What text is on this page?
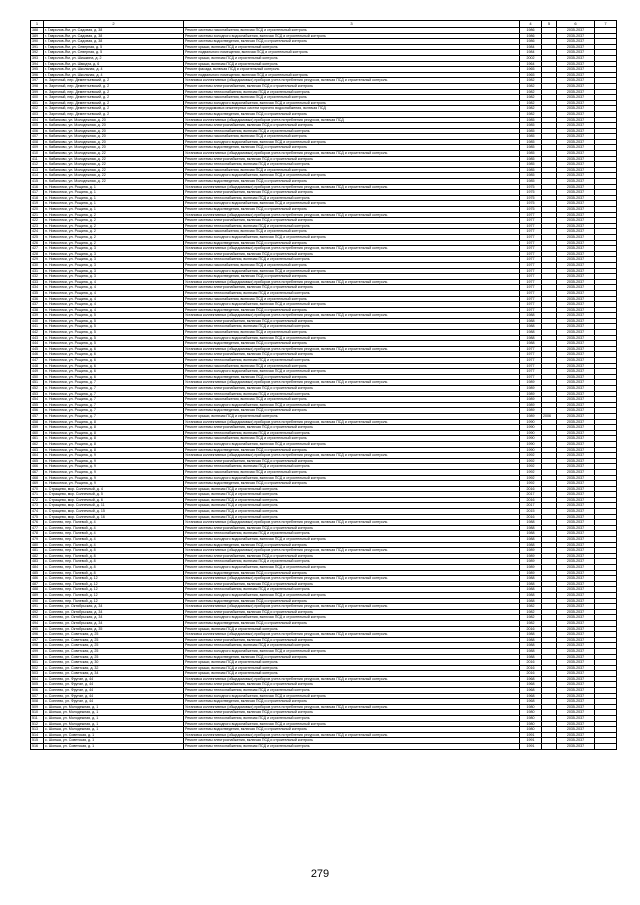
1	2	3	4	5	6	7
388	г. Гаврилов-Ям, ул. Садовая, д. 38	Ремонт системы газоснабжения, включая ПСД и строительный контроль	1986		2035-2037	
389	г. Гаврилов-Ям, ул. Садовая, д. 38	Ремонт системы холодного водоснабжения, включая ПСД и строительный контроль	1986		2035-2037	
390	г. Гаврилов-Ям, ул. Садовая, д. 38	Ремонт системы водоотведения, включая ПСД и строительный контроль	1986		2035-2037	
391	г. Гаврилов-Ям, ул. Северная, д. 5	Ремонт крыши, включая ПСД и строительный контроль	1984		2035-2037	
392	г. Гаврилов-Ям, ул. Северная, д. 5	Ремонт подвального помещения, включая ПСД и строительный контроль	1984		2035-2037	
393	г. Гаврилов-Ям, ул. Шишкина, д. 2	Ремонт крыши, включая ПСД и строительный контроль	2002		2035-2037	
394	г. Гаврилов-Ям, ул. Шмидта, д. 6	Ремонт крыши, включая ПСД и строительный контроль	1964		2035-2037	
395	г. Гаврилов-Ям, ул. Школьная, д. 4	Ремонт фасада, включая ПСД и строительный контроль	1965		2035-2037	
396	г. Гаврилов-Ям, ул. Школьная, д. 4	Ремонт подвального помещения, включая ПСД и строительный контроль	1965		2035-2037	
397	п. Заречный, пер. Дементьевский, д. 2	Установка коллективных (общедомовых) приборов учета потребления ресурсов, включая ПСД и строительный контроль	1982		2035-2037	
398	п. Заречный, пер. Дементьевский, д. 2	Ремонт системы электроснабжения, включая ПСД и строительный контроль	1982		2035-2037	
399	п. Заречный, пер. Дементьевский, д. 2	Ремонт системы теплоснабжения, включая ПСД и строительный контроль	1982		2035-2037	
400	п. Заречный, пер. Дементьевский, д. 2	Ремонт системы газоснабжения, включая ПСД и строительный контроль	1982		2035-2037	
401	п. Заречный, пер. Дементьевский, д. 2	Ремонт системы холодного водоснабжения, включая ПСД и строительный контроль	1982		2035-2037	
402	п. Заречный, пер. Дементьевский, д. 2	Ремонт внутридомовых инженерных систем горячего водоснабжения, включая ПСД	1982		2035-2037	
403	п. Заречный, пер. Дементьевский, д. 2	Ремонт системы водоотведения, включая ПСД и строительный контроль	1982		2035-2037	
404	п. Кабанково, ул. Молодежная, д. 20	Установка коллективных (общедомовых) приборов учета потребления ресурсов, включая ПСД	1985		2035-2037	
405	п. Кабанково, ул. Молодежная, д. 20	Ремонт системы электроснабжения, включая ПСД и строительный контроль	1985		2035-2037	
406	п. Кабанково, ул. Молодежная, д. 20	Ремонт системы теплоснабжения, включая ПСД и строительный контроль	1985		2035-2037	
407	п. Кабанково, ул. Молодежная, д. 20	Ремонт системы газоснабжения, включая ПСД и строительный контроль	1985		2035-2037	
408	п. Кабанково, ул. Молодежная, д. 20	Ремонт системы холодного водоснабжения, включая ПСД и строительный контроль	1985		2035-2037	
409	п. Кабанково, ул. Молодежная, д. 20	Ремонт системы водоотведения, включая ПСД и строительный контроль	1985		2035-2037	
410	п. Кабанково, ул. Молодежная, д. 22	Установка коллективных (общедомовых) приборов учета потребления ресурсов, включая ПСД и строительный контроль	1985		2035-2037	
411	п. Кабанково, ул. Молодежная, д. 22	Ремонт системы электроснабжения, включая ПСД и строительный контроль	1985		2035-2037	
412	п. Кабанково, ул. Молодежная, д. 22	Ремонт системы теплоснабжения, включая ПСД и строительный контроль	1985		2035-2037	
413	п. Кабанково, ул. Молодежная, д. 22	Ремонт системы газоснабжения, включая ПСД и строительный контроль	1985		2035-2037	
414	п. Кабанково, ул. Молодежная, д. 22	Ремонт системы холодного водоснабжения, включая ПСД и строительный контроль	1985		2035-2037	
415	п. Кабанково, ул. Молодежная, д. 22	Ремонт системы водоотведения, включая ПСД и строительный контроль	1985		2035-2037	
416	п. Новоселки, ул. Рощина, д. 1	Установка коллективных (общедомовых) приборов учета потребления ресурсов, включая ПСД и строительный контроль	1975		2035-2037	
417	п. Новоселки, ул. Рощина, д. 1	Ремонт системы электроснабжения, включая ПСД и строительный контроль	1975		2035-2037	
418	п. Новоселки, ул. Рощина, д. 1	Ремонт системы теплоснабжения, включая ПСД и строительный контроль	1975		2035-2037	
419	п. Новоселки, ул. Рощина, д. 1	Ремонт системы холодного водоснабжения, включая ПСД и строительный контроль	1975		2035-2037	
420	п. Новоселки, ул. Рощина, д. 1	Ремонт системы водоотведения, включая ПСД и строительный контроль	1975		2035-2037	
421	п. Новоселки, ул. Рощина, д. 2	Установка коллективных (общедомовых) приборов учета потребления ресурсов, включая ПСД и строительный контроль	1977		2035-2037	
422	п. Новоселки, ул. Рощина, д. 2	Ремонт системы электроснабжения, включая ПСД и строительный контроль	1977		2035-2037	
423	п. Новоселки, ул. Рощина, д. 2	Ремонт системы теплоснабжения, включая ПСД и строительный контроль	1977		2035-2037	
424	п. Новоселки, ул. Рощина, д. 2	Ремонт системы газоснабжения, включая ПСД и строительный контроль	1977		2035-2037	
425	п. Новоселки, ул. Рощина, д. 2	Ремонт системы холодного водоснабжения, включая ПСД и строительный контроль	1977		2035-2037	
426	п. Новоселки, ул. Рощина, д. 2	Ремонт системы водоотведения, включая ПСД и строительный контроль	1977		2035-2037	
427	п. Новоселки, ул. Рощина, д. 3	Установка коллективных (общедомовых) приборов учета потребления ресурсов, включая ПСД и строительный контроль	1977		2035-2037	
428	п. Новоселки, ул. Рощина, д. 3	Ремонт системы электроснабжения, включая ПСД и строительный контроль	1977		2035-2037	
429	п. Новоселки, ул. Рощина, д. 3	Ремонт системы теплоснабжения, включая ПСД и строительный контроль	1977		2035-2037	
430	п. Новоселки, ул. Рощина, д. 3	Ремонт системы газоснабжения, включая ПСД и строительный контроль	1977		2035-2037	
431	п. Новоселки, ул. Рощина, д. 3	Ремонт системы холодного водоснабжения, включая ПСД и строительный контроль	1977		2035-2037	
432	п. Новоселки, ул. Рощина, д. 3	Ремонт системы водоотведения, включая ПСД и строительный контроль	1977		2035-2037	
433	п. Новоселки, ул. Рощина, д. 4	Установка коллективных (общедомовых) приборов учета потребления ресурсов, включая ПСД и строительный контроль	1977		2035-2037	
434	п. Новоселки, ул. Рощина, д. 4	Ремонт системы электроснабжения, включая ПСД и строительный контроль	1977		2035-2037	
435	п. Новоселки, ул. Рощина, д. 4	Ремонт системы теплоснабжения, включая ПСД и строительный контроль	1977		2035-2037	
436	п. Новоселки, ул. Рощина, д. 4	Ремонт системы газоснабжения, включая ПСД и строительный контроль	1977		2035-2037	
437	п. Новоселки, ул. Рощина, д. 4	Ремонт системы холодного водоснабжения, включая ПСД и строительный контроль	1977		2035-2037	
438	п. Новоселки, ул. Рощина, д. 4	Ремонт системы водоотведения, включая ПСД и строительный контроль	1977		2035-2037	
439	п. Новоселки, ул. Рощина, д. 5	Установка коллективных (общедомовых) приборов учета потребления ресурсов, включая ПСД и строительный контроль	1988		2035-2037	
440	п. Новоселки, ул. Рощина, д. 5	Ремонт системы электроснабжения, включая ПСД и строительный контроль	1988		2035-2037	
441	п. Новоселки, ул. Рощина, д. 5	Ремонт системы теплоснабжения, включая ПСД и строительный контроль	1988		2035-2037	
442	п. Новоселки, ул. Рощина, д. 5	Ремонт системы газоснабжения, включая ПСД и строительный контроль	1988		2035-2037	
443	п. Новоселки, ул. Рощина, д. 5	Ремонт системы холодного водоснабжения, включая ПСД и строительный контроль	1988		2035-2037	
444	п. Новоселки, ул. Рощина, д. 5	Ремонт системы водоотведения, включая ПСД и строительный контроль	1988		2035-2037	
445	п. Новоселки, ул. Рощина, д. 6	Установка коллективных (общедомовых) приборов учета потребления ресурсов, включая ПСД и строительный контроль	1977		2035-2037	
446	п. Новоселки, ул. Рощина, д. 6	Ремонт системы электроснабжения, включая ПСД и строительный контроль	1977		2035-2037	
447	п. Новоселки, ул. Рощина, д. 6	Ремонт системы теплоснабжения, включая ПСД и строительный контроль	1977		2035-2037	
448	п. Новоселки, ул. Рощина, д. 6	Ремонт системы газоснабжения, включая ПСД и строительный контроль	1977		2035-2037	
449	п. Новоселки, ул. Рощина, д. 6	Ремонт системы холодного водоснабжения, включая ПСД и строительный контроль	1977		2035-2037	
450	п. Новоселки, ул. Рощина, д. 6	Ремонт системы водоотведения, включая ПСД и строительный контроль	1977		2035-2037	
451	п. Новоселки, ул. Рощина, д. 7	Установка коллективных (общедомовых) приборов учета потребления ресурсов, включая ПСД и строительный контроль	1989		2035-2037	
452	п. Новоселки, ул. Рощина, д. 7	Ремонт системы электроснабжения, включая ПСД и строительный контроль	1989		2035-2037	
453	п. Новоселки, ул. Рощина, д. 7	Ремонт системы теплоснабжения, включая ПСД и строительный контроль	1989		2035-2037	
454	п. Новоселки, ул. Рощина, д. 7	Ремонт системы газоснабжения, включая ПСД и строительный контроль	1989		2035-2037	
455	п. Новоселки, ул. Рощина, д. 7	Ремонт системы холодного водоснабжения, включая ПСД и строительный контроль	1989		2035-2037	
456	п. Новоселки, ул. Рощина, д. 7	Ремонт системы водоотведения, включая ПСД и строительный контроль	1989		2035-2037	
457	п. Новоселки, ул. Рощина, д. 7	Ремонт крыши, включая ПСД и строительный контроль	1989	2006	2035-2037	
458	п. Новоселки, ул. Рощина, д. 8	Установка коллективных (общедомовых) приборов учета потребления ресурсов, включая ПСД и строительный контроль	1990		2035-2037	
459	п. Новоселки, ул. Рощина, д. 8	Ремонт системы электроснабжения, включая ПСД и строительный контроль	1990		2035-2037	
460	п. Новоселки, ул. Рощина, д. 8	Ремонт системы теплоснабжения, включая ПСД и строительный контроль	1990		2035-2037	
461	п. Новоселки, ул. Рощина, д. 8	Ремонт системы газоснабжения, включая ПСД и строительный контроль	1990		2035-2037	
462	п. Новоселки, ул. Рощина, д. 8	Ремонт системы холодного водоснабжения, включая ПСД и строительный контроль	1990		2035-2037	
463	п. Новоселки, ул. Рощина, д. 8	Ремонт системы водоотведения, включая ПСД и строительный контроль	1990		2035-2037	
464	п. Новоселки, ул. Рощина, д. 9	Установка коллективных (общедомовых) приборов учета потребления ресурсов, включая ПСД и строительный контроль	1992		2035-2037	
465	п. Новоселки, ул. Рощина, д. 9	Ремонт системы электроснабжения, включая ПСД и строительный контроль	1992		2035-2037	
466	п. Новоселки, ул. Рощина, д. 9	Ремонт системы теплоснабжения, включая ПСД и строительный контроль	1992		2035-2037	
467	п. Новоселки, ул. Рощина, д. 9	Ремонт системы газоснабжения, включая ПСД и строительный контроль	1992		2035-2037	
468	п. Новоселки, ул. Рощина, д. 9	Ремонт системы холодного водоснабжения, включая ПСД и строительный контроль	1992		2035-2037	
469	п. Новоселки, ул. Рощина, д. 9	Ремонт системы водоотведения, включая ПСД и строительный контроль	1992		2035-2037	
470	с. Стращево, мкр. Солнечный, д. 4	Ремонт крыши, включая ПСД и строительный контроль	2016		2035-2037	
471	с. Стращево, мкр. Солнечный, д. 5	Ремонт крыши, включая ПСД и строительный контроль	2017		2035-2037	
472	с. Стращево, мкр. Солнечный, д. 6	Ремонт крыши, включая ПСД и строительный контроль	2016		2035-2037	
473	с. Стращево, мкр. Солнечный, д. 11	Ремонт крыши, включая ПСД и строительный контроль	2017		2035-2037	
474	с. Стращево, мкр. Солнечный, д. 15	Ремонт крыши, включая ПСД и строительный контроль	2015		2035-2037	
475	с. Стращево, мкр. Солнечный, д. 16	Ремонт крыши, включая ПСД и строительный контроль	2016		2035-2037	
476	с. Сопнево, пер. Полевой, д. 4	Установка коллективных (общедомовых) приборов учета потребления ресурсов, включая ПСД и строительный контроль	1988		2035-2037	
477	с. Сопнево, пер. Полевой, д. 4	Ремонт системы электроснабжения, включая ПСД и строительный контроль	1988		2035-2037	
478	с. Сопнево, пер. Полевой, д. 4	Ремонт системы теплоснабжения, включая ПСД и строительный контроль	1988		2035-2037	
479	с. Сопнево, пер. Полевой, д. 4	Ремонт системы холодного водоснабжения, включая ПСД и строительный контроль	1988		2035-2037	
480	с. Сопнево, пер. Полевой, д. 4	Ремонт системы водоотведения, включая ПСД и строительный контроль	1988		2035-2037	
481	с. Сопнево, пер. Полевой, д. 8	Установка коллективных (общедомовых) приборов учета потребления ресурсов, включая ПСД и строительный контроль	1989		2035-2037	
482	с. Сопнево, пер. Полевой, д. 8	Ремонт системы электроснабжения, включая ПСД и строительный контроль	1989		2035-2037	
483	с. Сопнево, пер. Полевой, д. 8	Ремонт системы теплоснабжения, включая ПСД и строительный контроль	1989		2035-2037	
484	с. Сопнево, пер. Полевой, д. 8	Ремонт системы холодного водоснабжения, включая ПСД и строительный контроль	1989		2035-2037	
485	с. Сопнево, пер. Полевой, д. 8	Ремонт системы водоотведения, включая ПСД и строительный контроль	1989		2035-2037	
486	с. Сопнево, пер. Полевой, д. 12	Установка коллективных (общедомовых) приборов учета потребления ресурсов, включая ПСД и строительный контроль	1988		2035-2037	
487	с. Сопнево, пер. Полевой, д. 12	Ремонт системы электроснабжения, включая ПСД и строительный контроль	1988		2035-2037	
488	с. Сопнево, пер. Полевой, д. 12	Ремонт системы теплоснабжения, включая ПСД и строительный контроль	1988		2035-2037	
489	с. Сопнево, пер. Полевой, д. 12	Ремонт системы холодного водоснабжения, включая ПСД и строительный контроль	1988		2035-2037	
490	с. Сопнево, пер. Полевой, д. 12	Ремонт системы водоотведения, включая ПСД и строительный контроль	1988		2035-2037	
491	с. Сопнево, ул. Октябрьская, д. 34	Установка коллективных (общедомовых) приборов учета потребления ресурсов, включая ПСД и строительный контроль	1982		2035-2037	
492	с. Сопнево, ул. Октябрьская, д. 34	Ремонт системы электроснабжения, включая ПСД и строительный контроль	1982		2035-2037	
493	с. Сопнево, ул. Октябрьская, д. 34	Ремонт системы холодного водоснабжения, включая ПСД и строительный контроль	1982		2035-2037	
494	с. Сопнево, ул. Октябрьская, д. 34	Ремонт системы водоотведения, включая ПСД и строительный контроль	1982		2035-2037	
495	с. Сопнево, ул. Октябрьская, д. 35	Ремонт крыши, включая ПСД и строительный контроль	2016		2035-2037	
496	с. Сопнево, ул. Советская, д. 25	Установка коллективных (общедомовых) приборов учета потребления ресурсов, включая ПСД и строительный контроль	1988		2035-2037	
497	с. Сопнево, ул. Советская, д. 25	Ремонт системы электроснабжения, включая ПСД и строительный контроль	1988		2035-2037	
498	с. Сопнево, ул. Советская, д. 25	Ремонт системы теплоснабжения, включая ПСД и строительный контроль	1988		2035-2037	
499	с. Сопнево, ул. Советская, д. 25	Ремонт системы холодного водоснабжения, включая ПСД и строительный контроль	1988		2035-2037	
500	с. Сопнево, ул. Советская, д. 25	Ремонт системы водоотведения, включая ПСД и строительный контроль	1988		2035-2037	
501	с. Сопнево, ул. Советская, д. 30	Ремонт крыши, включая ПСД и строительный контроль	2016		2035-2037	
502	с. Сопнево, ул. Советская, д. 32	Ремонт крыши, включая ПСД и строительный контроль	2016		2035-2037	
503	с. Сопнево, ул. Советская, д. 34	Ремонт крыши, включая ПСД и строительный контроль	2016		2035-2037	
504	с. Сопнево, ул. Фрунзе, д. 44	Установка коллективных (общедомовых) приборов учета потребления ресурсов, включая ПСД и строительный контроль	1968		2035-2037	
505	с. Сопнево, ул. Фрунзе, д. 44	Ремонт системы электроснабжения, включая ПСД и строительный контроль	1968		2035-2037	
506	с. Сопнево, ул. Фрунзе, д. 44	Ремонт системы теплоснабжения, включая ПСД и строительный контроль	1968		2035-2037	
507	с. Сопнево, ул. Фрунзе, д. 44	Ремонт системы холодного водоснабжения, включая ПСД и строительный контроль	1968		2035-2037	
508	с. Сопнево, ул. Фрунзе, д. 44	Ремонт системы водоотведения, включая ПСД и строительный контроль	1968		2035-2037	
509	с. Шопша, ул. Молодежная, д. 1	Установка коллективных (общедомовых) приборов учета потребления ресурсов, включая ПСД и строительный контроль	1980		2035-2037	
510	с. Шопша, ул. Молодежная, д. 1	Ремонт системы электроснабжения, включая ПСД и строительный контроль	1980		2035-2037	
511	с. Шопша, ул. Молодежная, д. 1	Ремонт системы теплоснабжения, включая ПСД и строительный контроль	1980		2035-2037	
512	с. Шопша, ул. Молодежная, д. 1	Ремонт системы холодного водоснабжения, включая ПСД и строительный контроль	1980		2035-2037	
513	с. Шопша, ул. Молодежная, д. 1	Ремонт системы водоотведения, включая ПСД и строительный контроль	1980		2035-2037	
514	с. Шопша, ул. Советская, д. 1	Установка коллективных (общедомовых) приборов учета потребления ресурсов, включая ПСД и строительный контроль	1991		2035-2037	
515	с. Шопша, ул. Советская, д. 1	Ремонт системы электроснабжения, включая ПСД и строительный контроль	1991		2035-2037	
516	с. Шопша, ул. Советская, д. 1	Ремонт системы теплоснабжения, включая ПСД и строительный контроль	1991		2035-2037	
279
